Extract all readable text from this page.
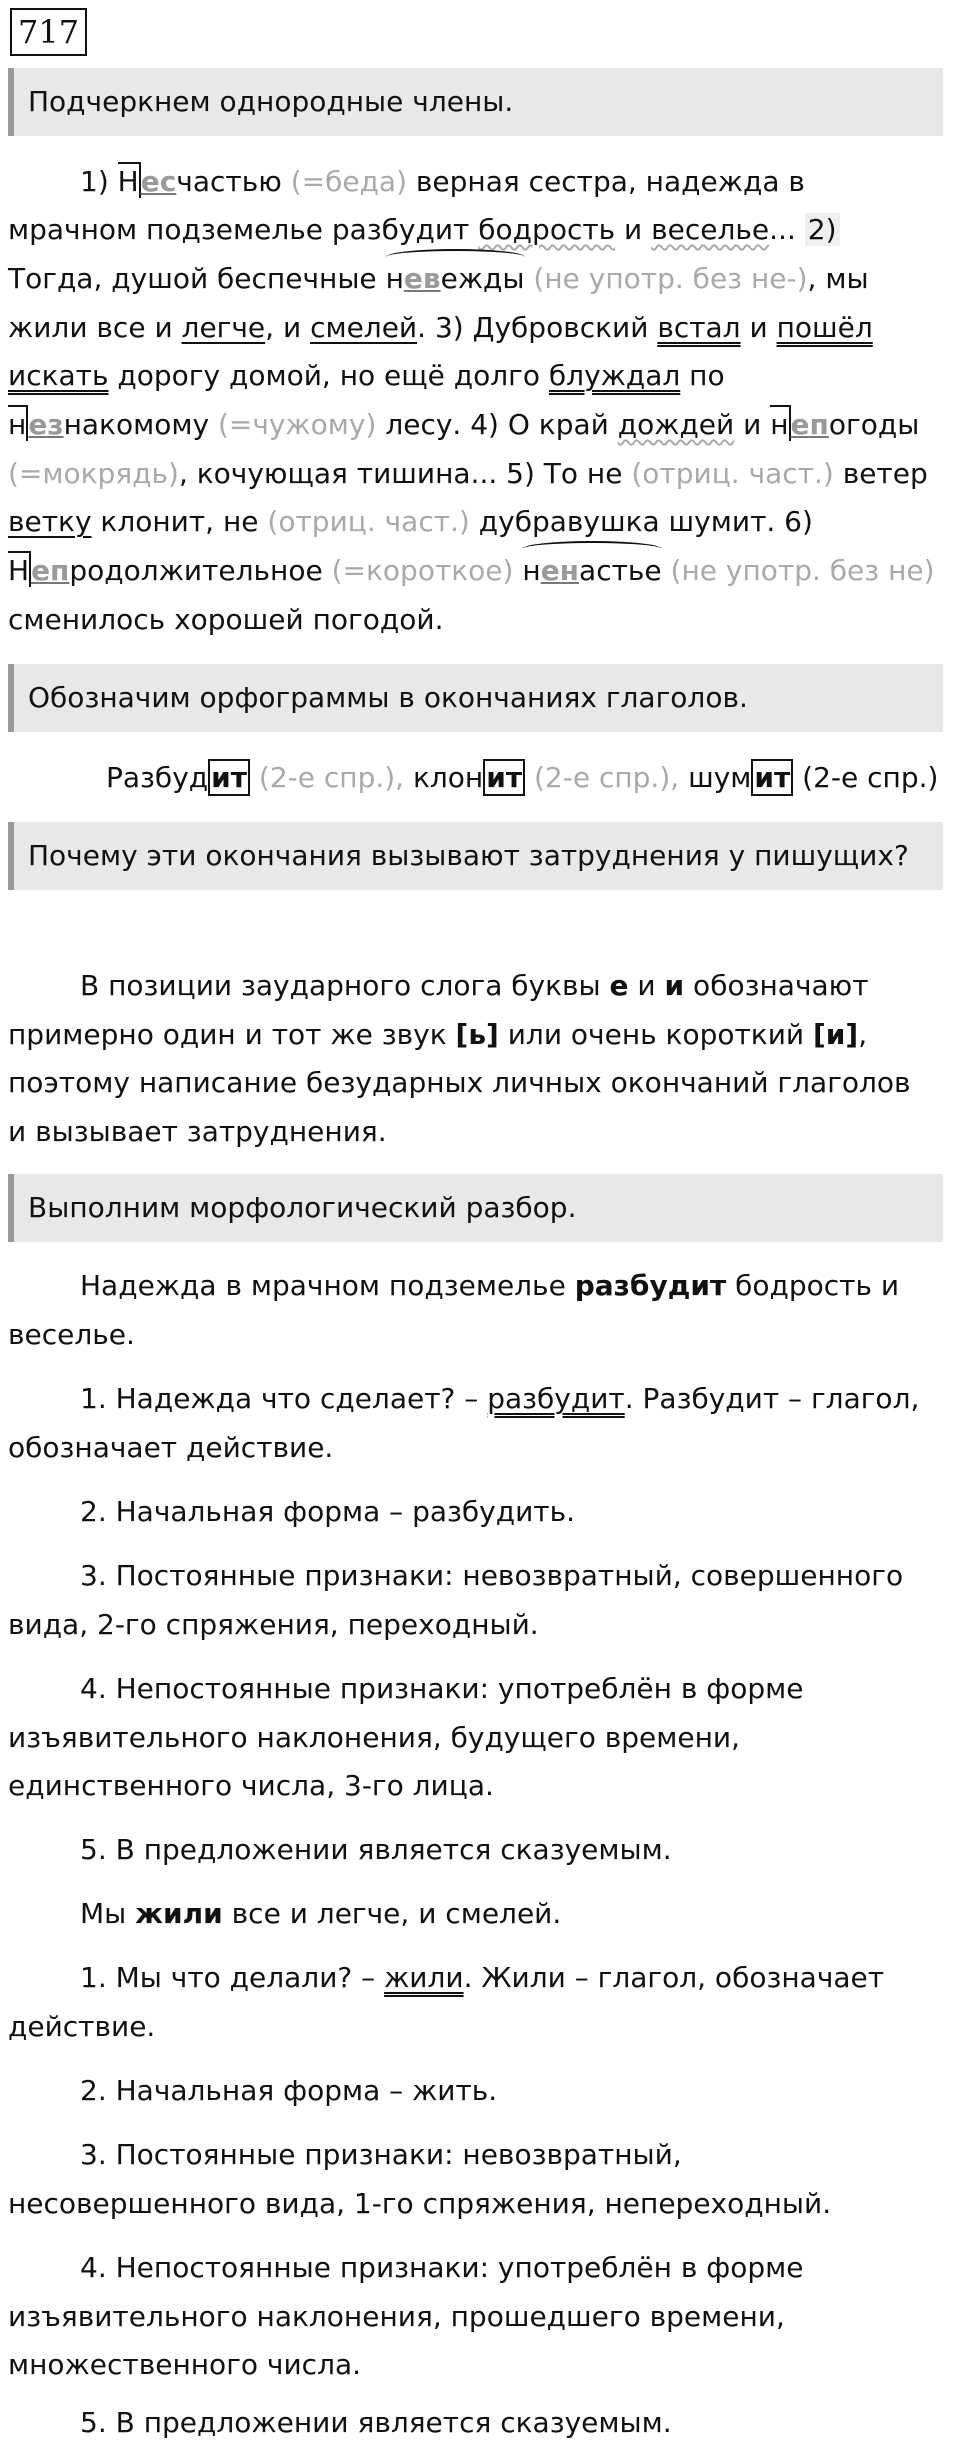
717
Подчеркнем однородные члены.
1) Несчастью (=беда) верная сестра, надежда в
мрачном подземелье разбудит бодрость и веселье... 2)
Тогда, душой беспечные невежды (не употр. без не-), мы
жили все и легче, и смелей. 3) Дубровский встал и пошёл
искать дорогу домой, но ещё долго блуждал по
незнакомому (=чужому) лесу. 4) О край дождей и непогоды
(=мокрядь), кочующая тишина... 5) То не (отриц. част.) ветер
ветку клонит, не (отриц. част.) дубравушка шумит. 6)
Непродолжительное (=короткое) ненастье (не употр. без не)
сменилось хорошей погодой.
Обозначим орфограммы в окончаниях глаголов.
Разбуд ит (2-е спр.), клон ит (2-е спр.), шум ит (2-е спр.)
Почему эти окончания вызывают затруднения у пишущих?
В позиции заударного слога буквы е и и обозначают
примерно один и тот же звук [ь] или очень короткий [и],
поэтому написание безударных личных окончаний глаголов
и вызывает затруднения.
Выполним морфологический разбор.
Надежда в мрачном подземелье разбудит бодрость и
веселье.
1. Надежда что сделает? – разбудит. Разбудит – глагол,
обозначает действие.
2. Начальная форма – разбудить.
3. Постоянные признаки: невозвратный, совершенного
вида, 2-го спряжения, переходный.
4. Непостоянные признаки: употреблён в форме
изъявительного наклонения, будущего времени,
единственного числа, 3-го лица.
5. В предложении является сказуемым.
Мы жили все и легче, и смелей.
1. Мы что делали? – жили. Жили – глагол, обозначает
действие.
2. Начальная форма – жить.
3. Постоянные признаки: невозвратный,
несовершенного вида, 1-го спряжения, непереходный.
4. Непостоянные признаки: употреблён в форме
изъявительного наклонения, прошедшего времени,
множественного числа.
5. В предложении является сказуемым.
